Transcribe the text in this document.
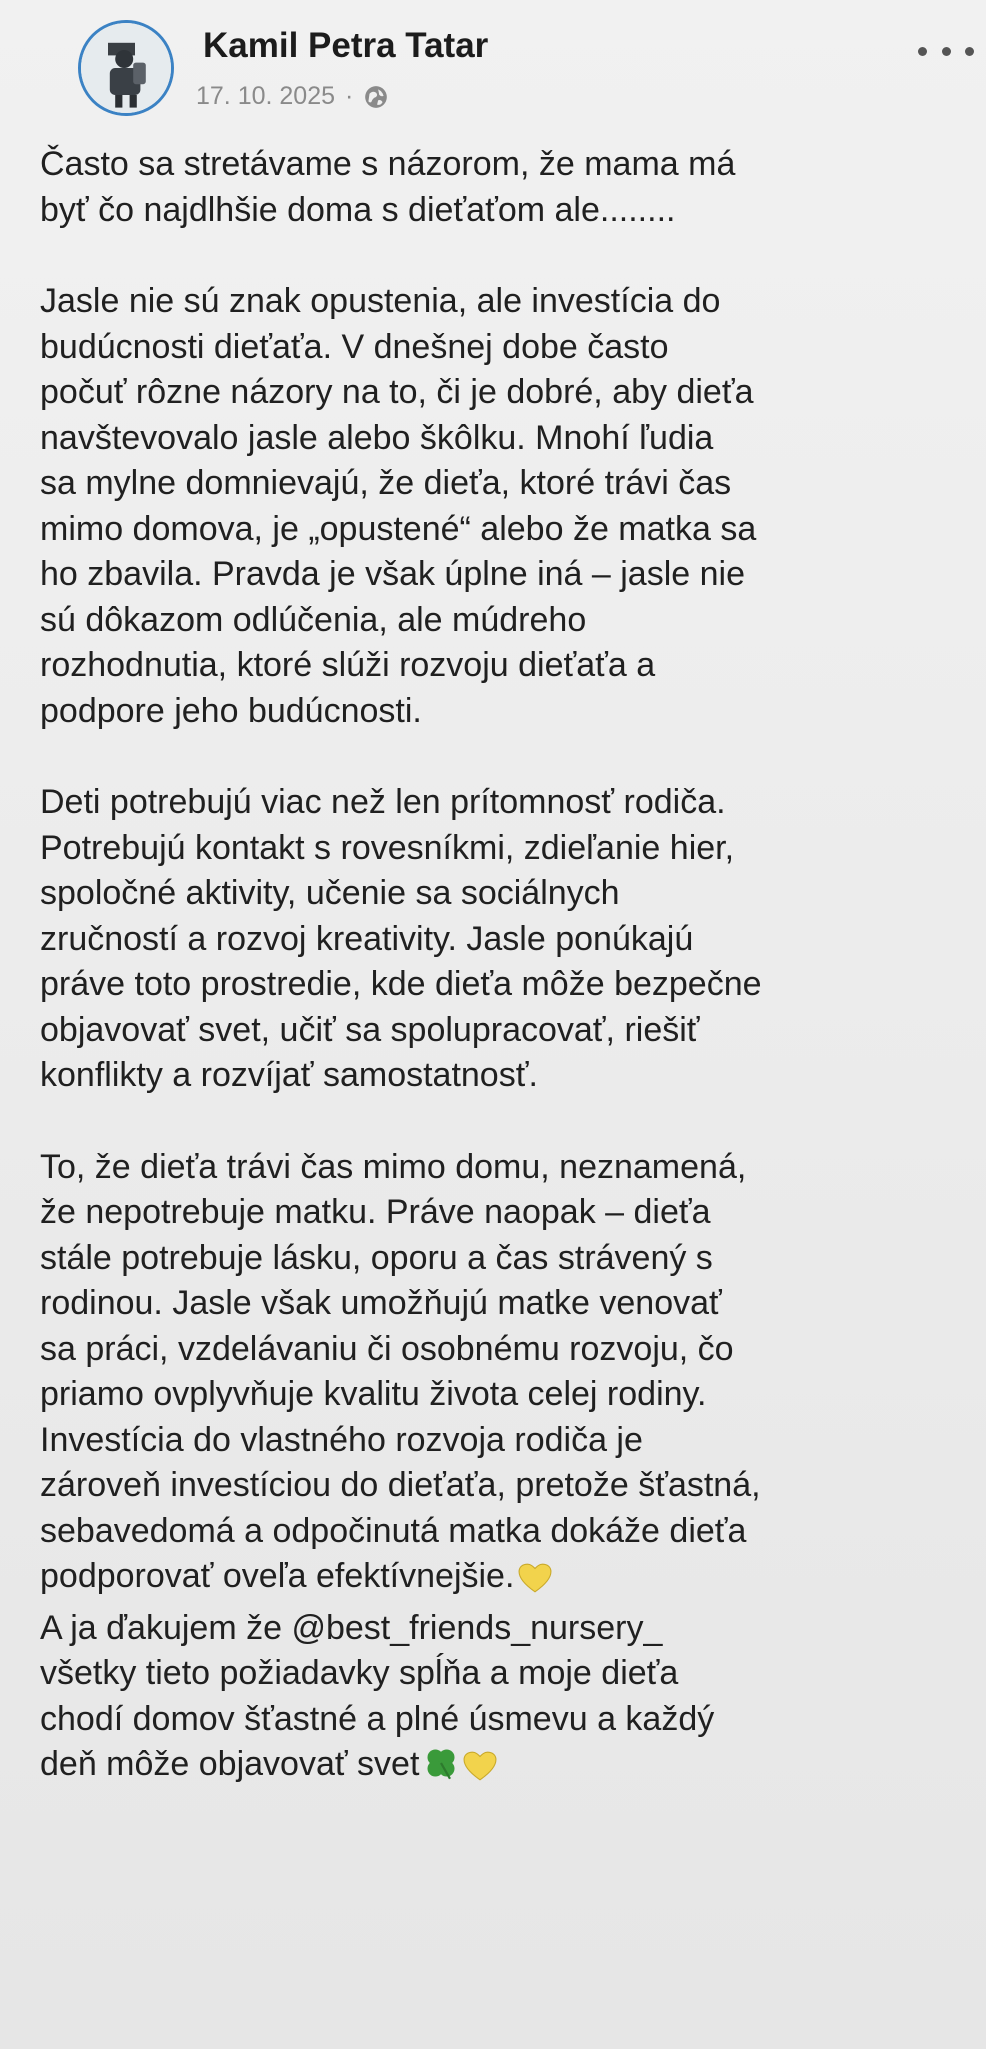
Kamil Petra Tatar
17. 10. 2025 ·

Často sa stretávame s názorom, že mama má
byť čo najdlhšie doma s dieťaťom ale........

Jasle nie sú znak opustenia, ale investícia do
budúcnosti dieťaťa. V dnešnej dobe často
počuť rôzne názory na to, či je dobré, aby dieťa
navštevovalo jasle alebo škôlku. Mnohí ľudia
sa mylne domnievajú, že dieťa, ktoré trávi čas
mimo domova, je „opustené“ alebo že matka sa
ho zbavila. Pravda je však úplne iná – jasle nie
sú dôkazom odlúčenia, ale múdreho
rozhodnutia, ktoré slúži rozvoju dieťaťa a
podpore jeho budúcnosti.

Deti potrebujú viac než len prítomnosť rodiča.
Potrebujú kontakt s rovesníkmi, zdieľanie hier,
spoločné aktivity, učenie sa sociálnych
zručností a rozvoj kreativity. Jasle ponúkajú
práve toto prostredie, kde dieťa môže bezpečne
objavovať svet, učiť sa spolupracovať, riešiť
konflikty a rozvíjať samostatnosť.

To, že dieťa trávi čas mimo domu, neznamená,
že nepotrebuje matku. Práve naopak – dieťa
stále potrebuje lásku, oporu a čas strávený s
rodinou. Jasle však umožňujú matke venovať
sa práci, vzdelávaniu či osobnému rozvoju, čo
priamo ovplyvňuje kvalitu života celej rodiny.
Investícia do vlastného rozvoja rodiča je
zároveň investíciou do dieťaťa, pretože šťastná,
sebavedomá a odpočinutá matka dokáže dieťa
podporovať oveľa efektívnejšie.

A ja ďakujem že @best_friends_nursery_
všetky tieto požiadavky spĺňa a moje dieťa
chodí domov šťastné a plné úsmevu a každý
deň môže objavovať svet
